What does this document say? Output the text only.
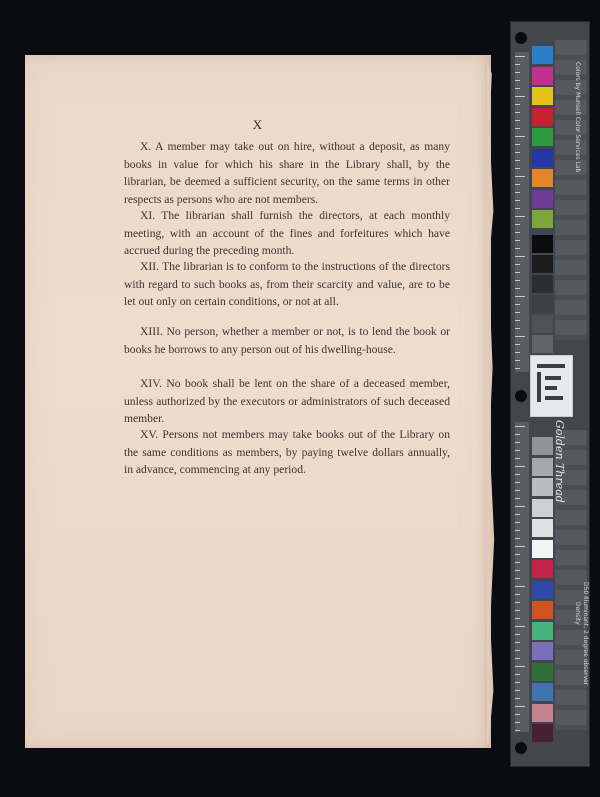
X

X. A member may take out on hire, without a deposit, as many books in value for which his share in the Library shall, by the librarian, be deemed a sufficient security, on the same terms in other respects as persons who are not members.

XI. The librarian shall furnish the directors, at each monthly meeting, with an account of the fines and forfeitures which have accrued during the preceding month.

XII. The librarian is to conform to the instructions of the directors with regard to such books as, from their scarcity and value, are to be let out only on certain conditions, or not at all.

XIII. No person, whether a member or not, is to lend the book or books he borrows to any person out of his dwelling-house.

XIV. No book shall be lent on the share of a deceased member, unless authorized by the executors or administrators of such deceased member.

XV. Persons not members may take books out of the Library on the same conditions as members, by paying twelve dollars annually, in advance, commencing at any period.

Colors by Munsell Color Services Lab
Density D50 Illuminant, 2 degree observer
Golden Thread
